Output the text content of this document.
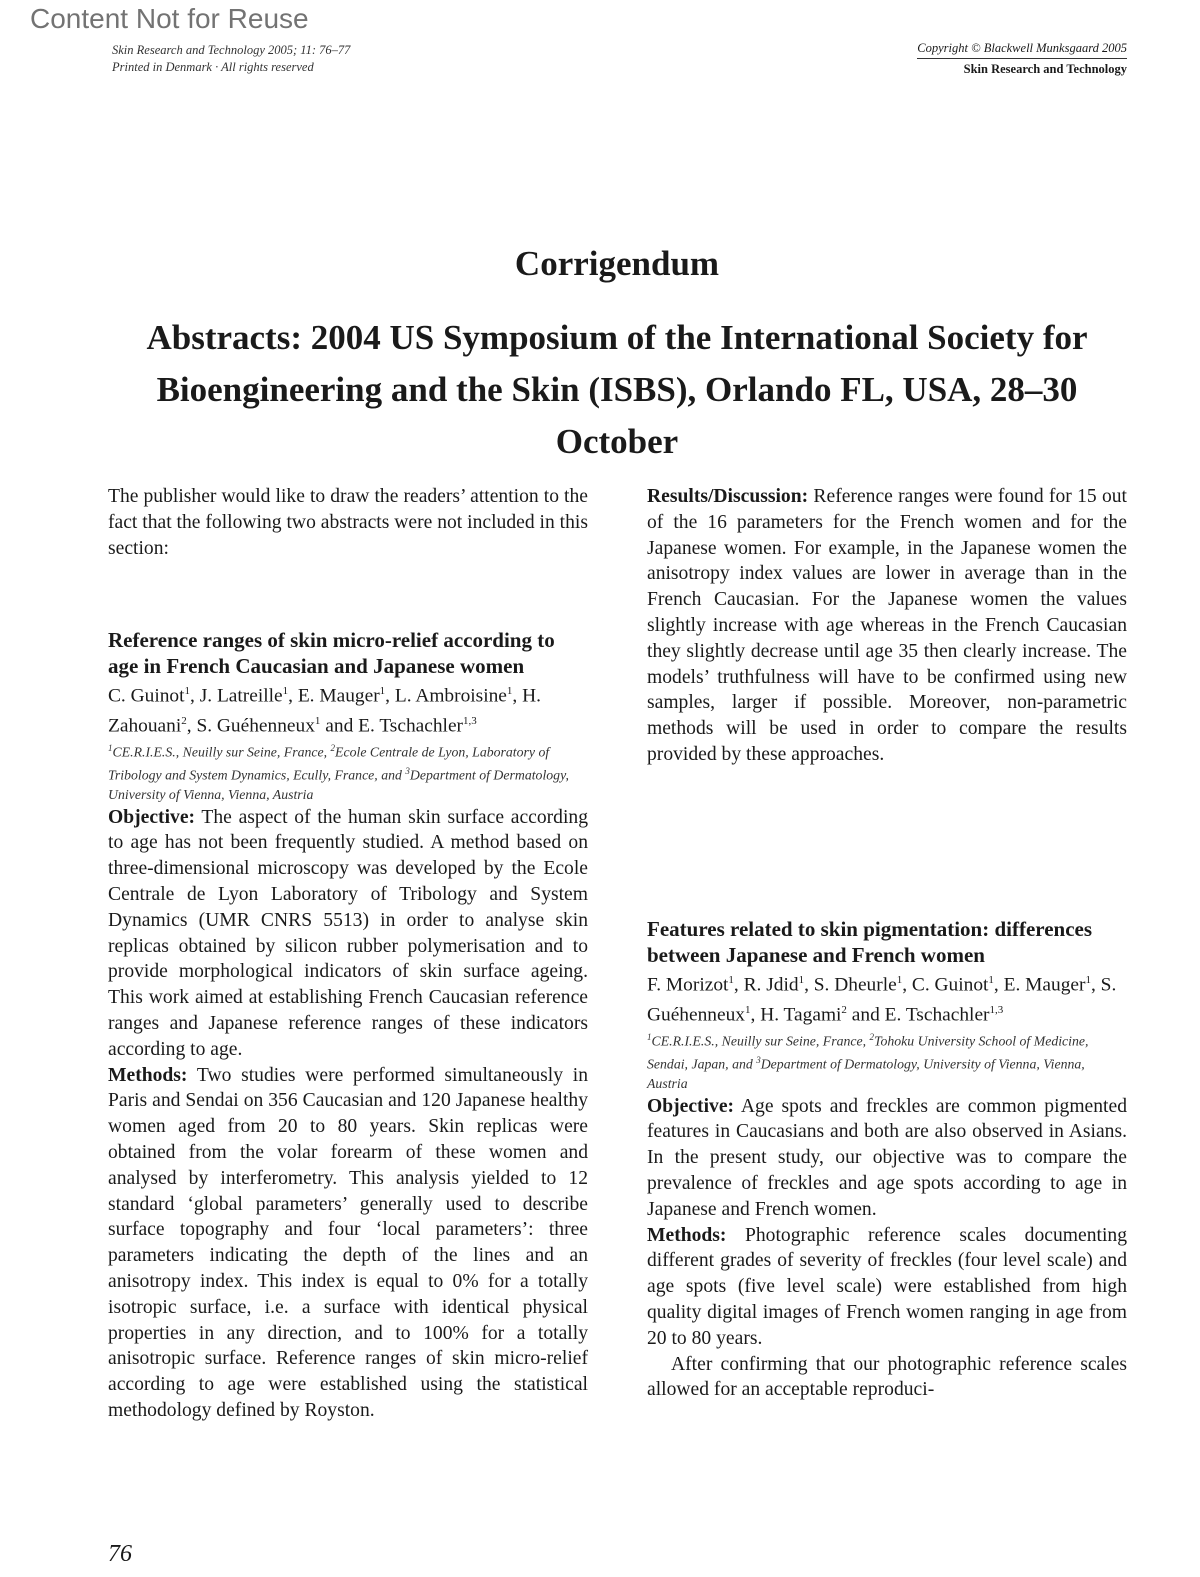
Content Not for Reuse
Skin Research and Technology 2005; 11: 76–77
Printed in Denmark · All rights reserved
Copyright © Blackwell Munksgaard 2005
Skin Research and Technology
Corrigendum
Abstracts: 2004 US Symposium of the International Society for Bioengineering and the Skin (ISBS), Orlando FL, USA, 28–30 October

The publisher would like to draw the readers’ attention to the fact that the following two abstracts were not included in this section:

Reference ranges of skin micro-relief according to age in French Caucasian and Japanese women
C. Guinot$^1$, J. Latreille$^1$, E. Mauger$^1$, L. Ambroisine$^1$, H. Zahouani$^2$, S. Guéhenneux$^1$ and E. Tschachler$^{1,3}$
$^1$CE.R.I.E.S., Neuilly sur Seine, France, $^2$Ecole Centrale de Lyon, Laboratory of Tribology and System Dynamics, Ecully, France, and $^3$Department of Dermatology, University of Vienna, Vienna, Austria

Objective: The aspect of the human skin surface according to age has not been frequently studied. A method based on three-dimensional microscopy was developed by the Ecole Centrale de Lyon Laboratory of Tribology and System Dynamics (UMR CNRS 5513) in order to analyse skin replicas obtained by silicon rubber polymerisation and to provide morphological indicators of skin surface ageing. This work aimed at establishing French Caucasian reference ranges and Japanese reference ranges of these indicators according to age.

Methods: Two studies were performed simultaneously in Paris and Sendai on 356 Caucasian and 120 Japanese healthy women aged from 20 to 80 years. Skin replicas were obtained from the volar forearm of these women and analysed by interferometry. This analysis yielded to 12 standard ‘global parameters’ generally used to describe surface topography and four ‘local parameters’: three parameters indicating the depth of the lines and an anisotropy index. This index is equal to 0% for a totally isotropic surface, i.e. a surface with identical physical properties in any direction, and to 100% for a totally anisotropic surface. Reference ranges of skin micro-relief according to age were established using the statistical methodology defined by Royston.

Results/Discussion: Reference ranges were found for 15 out of the 16 parameters for the French women and for the Japanese women. For example, in the Japanese women the anisotropy index values are lower in average than in the French Caucasian. For the Japanese women the values slightly increase with age whereas in the French Caucasian they slightly decrease until age 35 then clearly increase. The models’ truthfulness will have to be confirmed using new samples, larger if possible. Moreover, non-parametric methods will be used in order to compare the results provided by these approaches.

Features related to skin pigmentation: differences between Japanese and French women
F. Morizot$^1$, R. Jdid$^1$, S. Dheurle$^1$, C. Guinot$^1$, E. Mauger$^1$, S. Guéhenneux$^1$, H. Tagami$^2$ and E. Tschachler$^{1,3}$
$^1$CE.R.I.E.S., Neuilly sur Seine, France, $^2$Tohoku University School of Medicine, Sendai, Japan, and $^3$Department of Dermatology, University of Vienna, Vienna, Austria

Objective: Age spots and freckles are common pigmented features in Caucasians and both are also observed in Asians. In the present study, our objective was to compare the prevalence of freckles and age spots according to age in Japanese and French women.

Methods: Photographic reference scales documenting different grades of severity of freckles (four level scale) and age spots (five level scale) were established from high quality digital images of French women ranging in age from 20 to 80 years.

After confirming that our photographic reference scales allowed for an acceptable reproduci-

76
